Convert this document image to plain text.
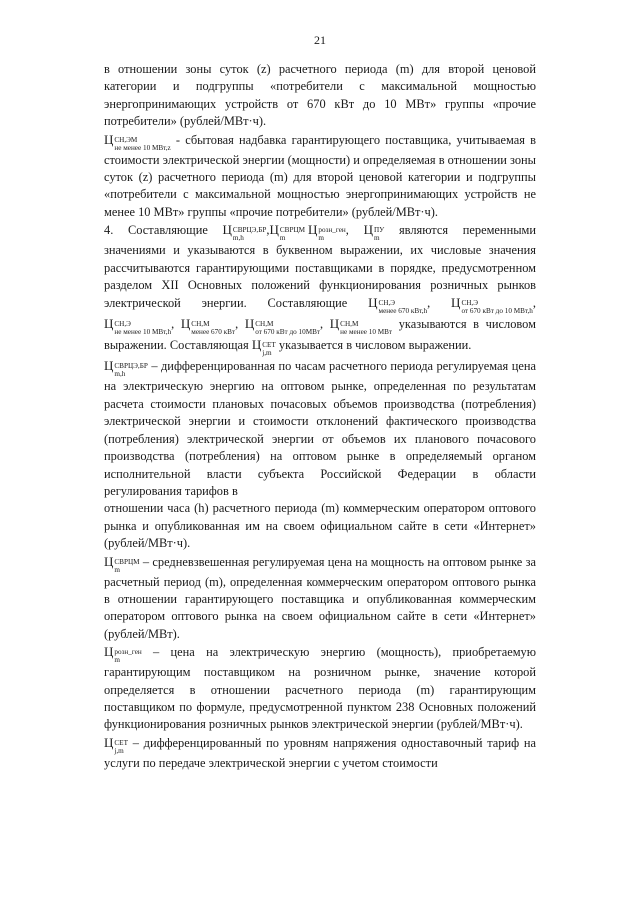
21

в отношении зоны суток (z) расчетного периода (m) для второй ценовой категории и подгруппы «потребители с максимальной мощностью энергопринимающих устройств от 670 кВт до 10 МВт» группы «прочие потребители» (рублей/МВт·ч).

Ц СН,ЭМ
не менее 10 МВт,z
- сбытовая надбавка гарантирующего поставщика, учитываемая в стоимости электрической энергии (мощности) и определяемая в отношении зоны суток (z) расчетного периода (m) для второй ценовой категории и подгруппы «потребители с максимальной мощностью энергопринимающих устройств не менее 10 МВт» группы «прочие потребители» (рублей/МВт·ч).

4. Составляющие Ц СВРЦЭ,БР
m,h
,Ц СВРЦМ
m
Ц розн_ген
m
, Ц ПУ
m
являются переменными значениями и указываются в буквенном выражении, их числовые значения рассчитываются гарантирующими поставщиками в порядке, предусмотренном разделом XII Основных положений функционирования розничных рынков электрической энергии. Составляющие Ц СН,Э
менее 670 кВт,h
, Ц СН,Э
от 670 кВт до 10 МВт,h
, Ц СН,Э
не менее 10 МВт,h
, Ц СН,М
менее 670 кВт
, Ц СН,М
от 670 кВт до 10МВт
, Ц СН,М
не менее 10 МВт
указываются в числовом выражении. Составляющая Ц СЕТ
j,m
указывается в числовом выражении.

Ц СВРЦЭ,БР
m,h
– дифференцированная по часам расчетного периода регулируемая цена на электрическую энергию на оптовом рынке, определенная по результатам расчета стоимости плановых почасовых объемов производства (потребления) электрической энергии и стоимости отклонений фактического производства (потребления) электрической энергии от объемов их планового почасового производства (потребления) на оптовом рынке в определяемый органом исполнительной власти субъекта Российской Федерации в области регулирования тарифов в

отношении часа (h) расчетного периода (m) коммерческим оператором оптового рынка и опубликованная им на своем официальном сайте в сети «Интернет» (рублей/МВт·ч).

Ц СВРЦМ
m
– средневзвешенная регулируемая цена на мощность на оптовом рынке за расчетный период (m), определенная коммерческим оператором оптового рынка в отношении гарантирующего поставщика и опубликованная коммерческим оператором оптового рынка на своем официальном сайте в сети «Интернет» (рублей/МВт).

Ц розн_ген
m
– цена на электрическую энергию (мощность), приобретаемую гарантирующим поставщиком на розничном рынке, значение которой определяется в отношении расчетного периода (m) гарантирующим поставщиком по формуле, предусмотренной пунктом 238 Основных положений функционирования розничных рынков электрической энергии (рублей/МВт·ч).

Ц СЕТ
j,m
– дифференцированный по уровням напряжения одноставочный тариф на услуги по передаче электрической энергии с учетом стоимости
